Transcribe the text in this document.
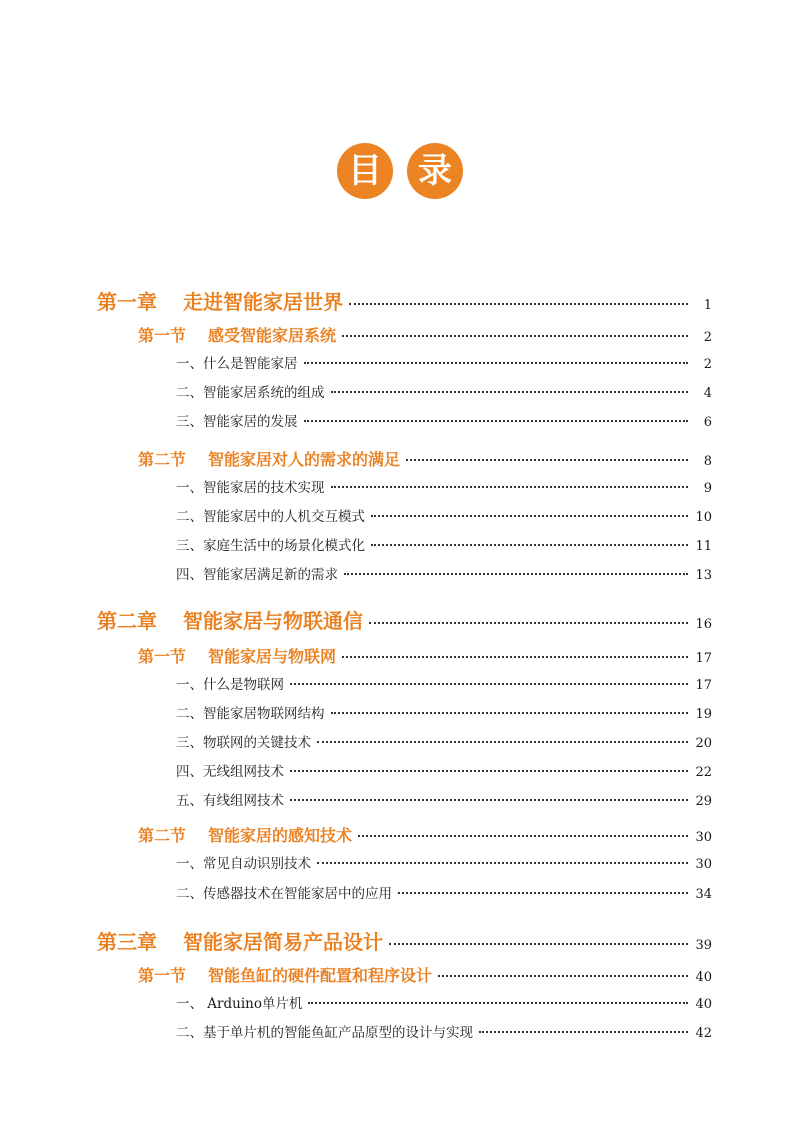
目	录
第一章 走进智能家居世界	1
第一节 感受智能家居系统	2
一、什么是智能家居	2
二、智能家居系统的组成	4
三、智能家居的发展	6
第二节 智能家居对人的需求的满足	8
一、智能家居的技术实现	9
二、智能家居中的人机交互模式	10
三、家庭生活中的场景化模式化	11
四、智能家居满足新的需求	13
第二章 智能家居与物联通信	16
第一节 智能家居与物联网	17
一、什么是物联网	17
二、智能家居物联网结构	19
三、物联网的关键技术	20
四、无线组网技术	22
五、有线组网技术	29
第二节 智能家居的感知技术	30
一、常见自动识别技术	30
二、传感器技术在智能家居中的应用	34
第三章 智能家居简易产品设计	39
第一节 智能鱼缸的硬件配置和程序设计	40
一、 Arduino单片机	40
二、基于单片机的智能鱼缸产品原型的设计与实现	42
